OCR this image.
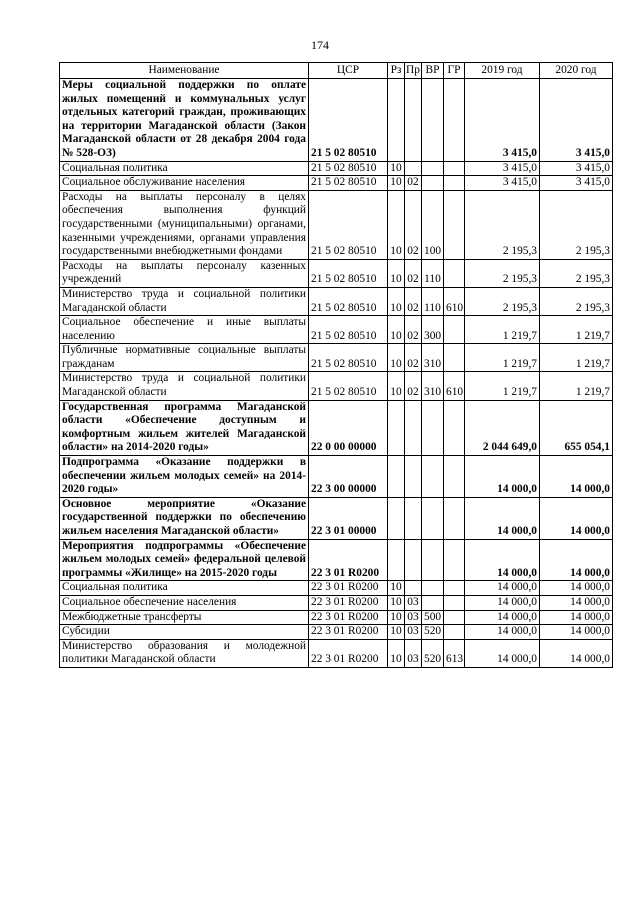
174
Наименование	ЦСР	Рз	Пр	ВР	ГР	2019 год	2020 год
Меры социальной поддержки по оплате жилых помещений и коммунальных услуг отдельных категорий граждан, проживающих на территории Магаданской области (Закон Магаданской области от 28 декабря 2004 года № 528-ОЗ)	21 5 02 80510					3 415,0	3 415,0
Социальная политика	21 5 02 80510	10				3 415,0	3 415,0
Социальное обслуживание населения	21 5 02 80510	10	02			3 415,0	3 415,0
Расходы на выплаты персоналу в целях обеспечения выполнения функций государственными (муниципальными) органами, казенными учреждениями, органами управления государственными внебюджетными фондами	21 5 02 80510	10	02	100		2 195,3	2 195,3
Расходы на выплаты персоналу казенных учреждений	21 5 02 80510	10	02	110		2 195,3	2 195,3
Министерство труда и социальной политики Магаданской области	21 5 02 80510	10	02	110	610	2 195,3	2 195,3
Социальное обеспечение и иные выплаты населению	21 5 02 80510	10	02	300		1 219,7	1 219,7
Публичные нормативные социальные выплаты гражданам	21 5 02 80510	10	02	310		1 219,7	1 219,7
Министерство труда и социальной политики Магаданской области	21 5 02 80510	10	02	310	610	1 219,7	1 219,7
Государственная программа Магаданской области «Обеспечение доступным и комфортным жильем жителей Магаданской области» на 2014-2020 годы»	22 0 00 00000					2 044 649,0	655 054,1
Подпрограмма «Оказание поддержки в обеспечении жильем молодых семей» на 2014-2020 годы»	22 3 00 00000					14 000,0	14 000,0
Основное мероприятие «Оказание государственной поддержки по обеспечению жильем населения Магаданской области»	22 3 01 00000					14 000,0	14 000,0
Мероприятия подпрограммы «Обеспечение жильем молодых семей» федеральной целевой программы «Жилище» на 2015-2020 годы	22 3 01 R0200					14 000,0	14 000,0
Социальная политика	22 3 01 R0200	10				14 000,0	14 000,0
Социальное обеспечение населения	22 3 01 R0200	10	03			14 000,0	14 000,0
Межбюджетные трансферты	22 3 01 R0200	10	03	500		14 000,0	14 000,0
Субсидии	22 3 01 R0200	10	03	520		14 000,0	14 000,0
Министерство образования и молодежной политики Магаданской области	22 3 01 R0200	10	03	520	613	14 000,0	14 000,0
